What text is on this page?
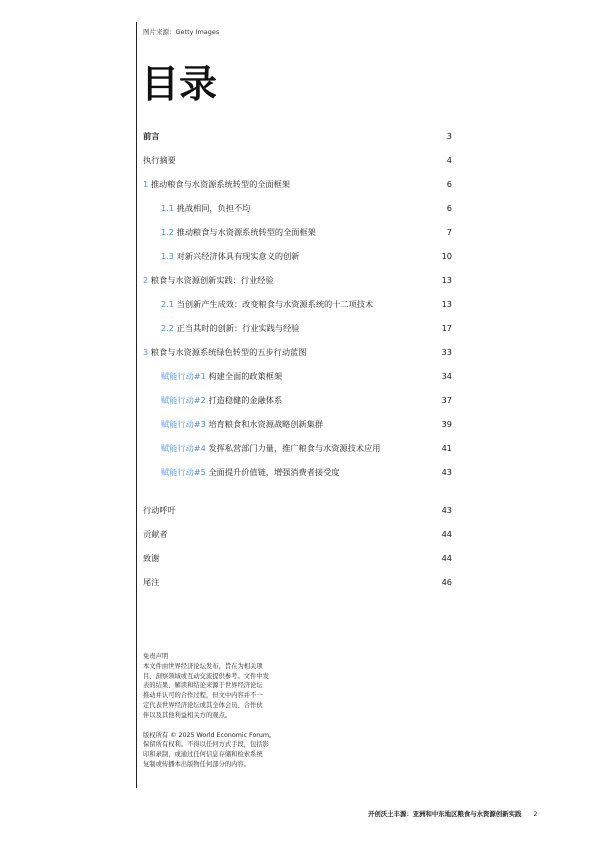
图片来源：Getty Images
目录
前言	3
执行摘要	4
1 推动粮食与水资源系统转型的全面框架	6
1.1 挑战相同，负担不均	6
1.2 推动粮食与水资源系统转型的全面框架	7
1.3 对新兴经济体具有现实意义的创新	10
2 粮食与水资源创新实践：行业经验	13
2.1 当创新产生成效：改变粮食与水资源系统的十二项技术	13
2.2 正当其时的创新：行业实践与经验	17
3 粮食与水资源系统绿色转型的五步行动蓝图	33
赋能行动#1 构建全面的政策框架	34
赋能行动#2 打造稳健的金融体系	37
赋能行动#3 培育粮食和水资源战略创新集群	39
赋能行动#4 发挥私营部门力量，推广粮食与水资源技术应用	41
赋能行动#5 全面提升价值链，增强消费者接受度	43
行动呼吁	43
贡献者	44
致谢	44
尾注	46

免责声明

本文件由世界经济论坛发布，旨在为相关项

目、洞察领域或互动交流提供参考。文件中发

表的结果、解读和结论来源于世界经济论坛

推动并认可的合作过程，但文中内容并不一

定代表世界经济论坛或其全体会员、合作伙

伴以及其他利益相关方的观点。

版权所有 © 2025 World Economic Forum。

保留所有权利。不得以任何方式手段，包括影

印和录制，或通过任何信息存储和检索系统

复制或传播本出版物任何部分的内容。

开创沃土丰源：亚洲和中东地区粮食与水资源创新实践 2
